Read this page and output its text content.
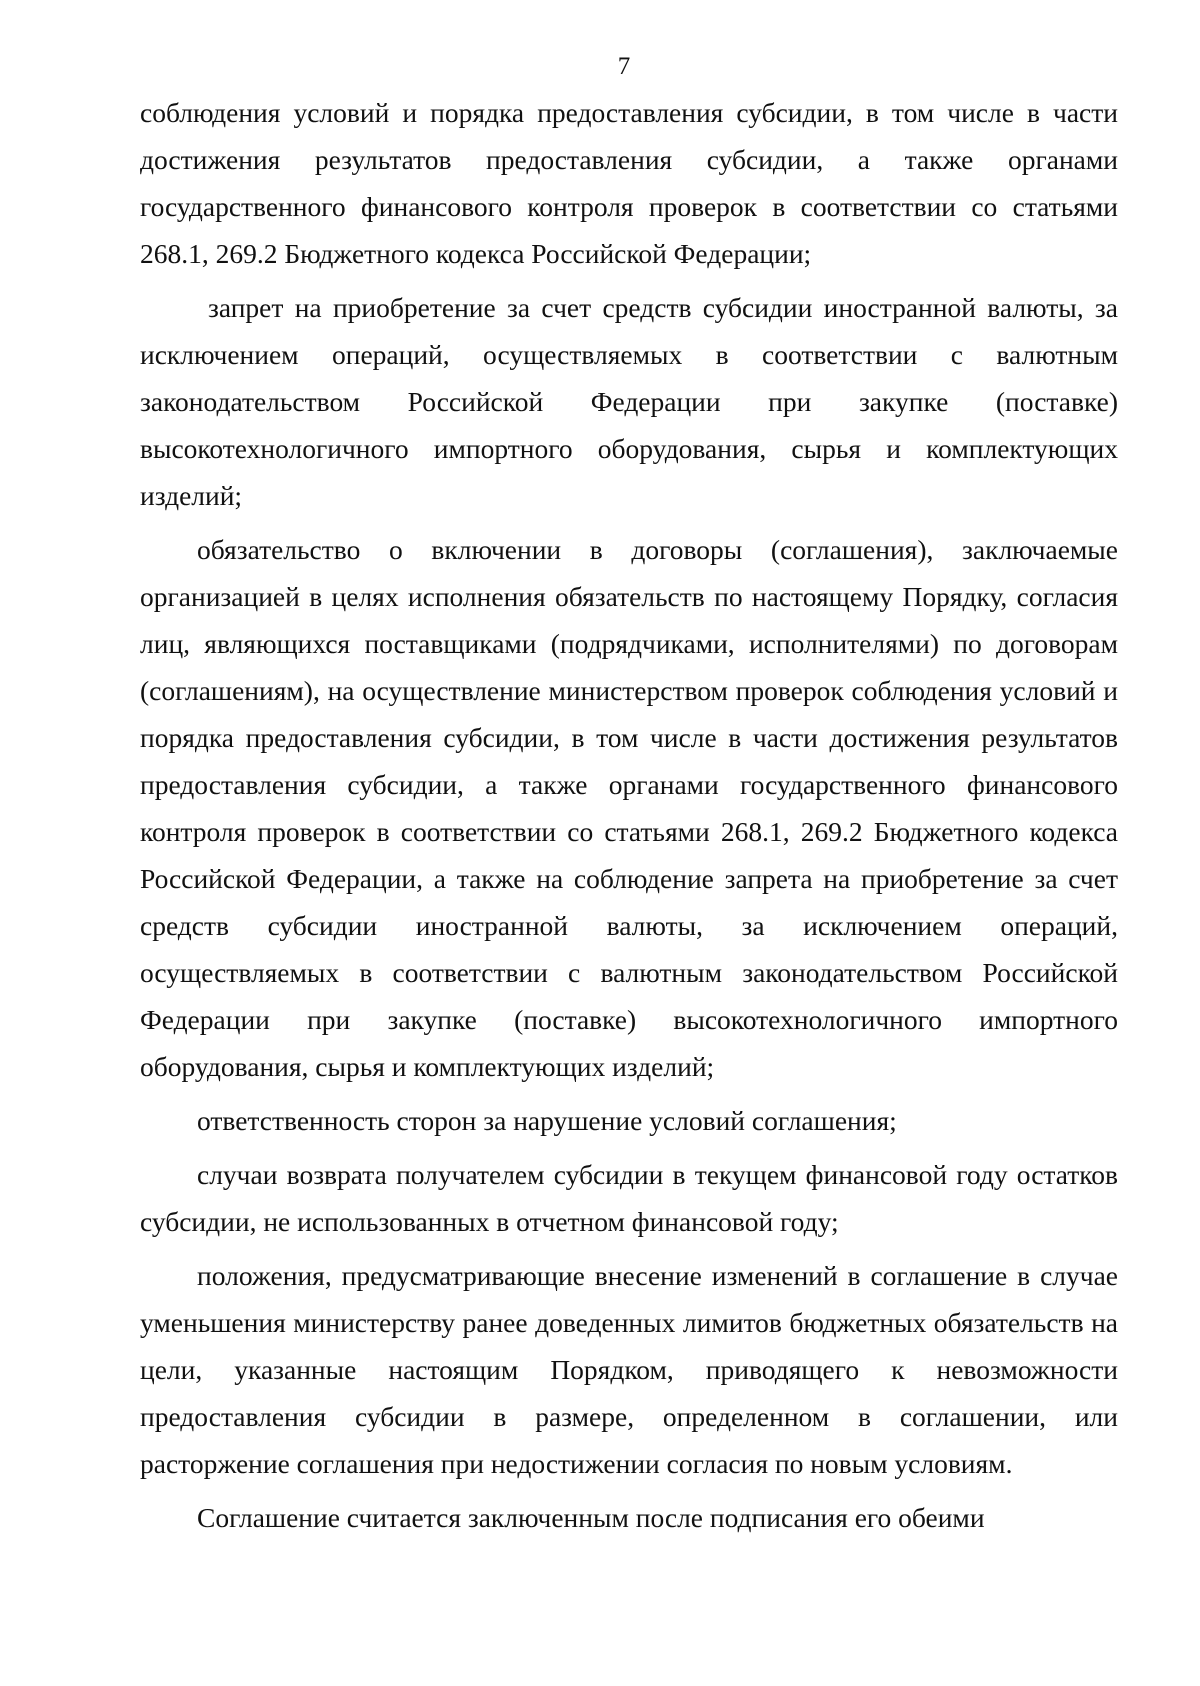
7

соблюдения условий и порядка предоставления субсидии, в том числе в части достижения результатов предоставления субсидии, а также органами государственного финансового контроля проверок в соответствии со статьями 268.1, 269.2 Бюджетного кодекса Российской Федерации;

запрет на приобретение за счет средств субсидии иностранной валюты, за исключением операций, осуществляемых в соответствии с валютным законодательством Российской Федерации при закупке (поставке) высокотехнологичного импортного оборудования, сырья и комплектующих изделий;

обязательство о включении в договоры (соглашения), заключаемые организацией в целях исполнения обязательств по настоящему Порядку, согласия лиц, являющихся поставщиками (подрядчиками, исполнителями) по договорам (соглашениям), на осуществление министерством проверок соблюдения условий и порядка предоставления субсидии, в том числе в части достижения результатов предоставления субсидии, а также органами государственного финансового контроля проверок в соответствии со статьями 268.1, 269.2 Бюджетного кодекса Российской Федерации, а также на соблюдение запрета на приобретение за счет средств субсидии иностранной валюты, за исключением операций, осуществляемых в соответствии с валютным законодательством Российской Федерации при закупке (поставке) высокотехнологичного импортного оборудования, сырья и комплектующих изделий;

ответственность сторон за нарушение условий соглашения;

случаи возврата получателем субсидии в текущем финансовой году остатков субсидии, не использованных в отчетном финансовой году;

положения, предусматривающие внесение изменений в соглашение в случае уменьшения министерству ранее доведенных лимитов бюджетных обязательств на цели, указанные настоящим Порядком, приводящего к невозможности предоставления субсидии в размере, определенном в соглашении, или расторжение соглашения при недостижении согласия по новым условиям.

Соглашение считается заключенным после подписания его обеими
